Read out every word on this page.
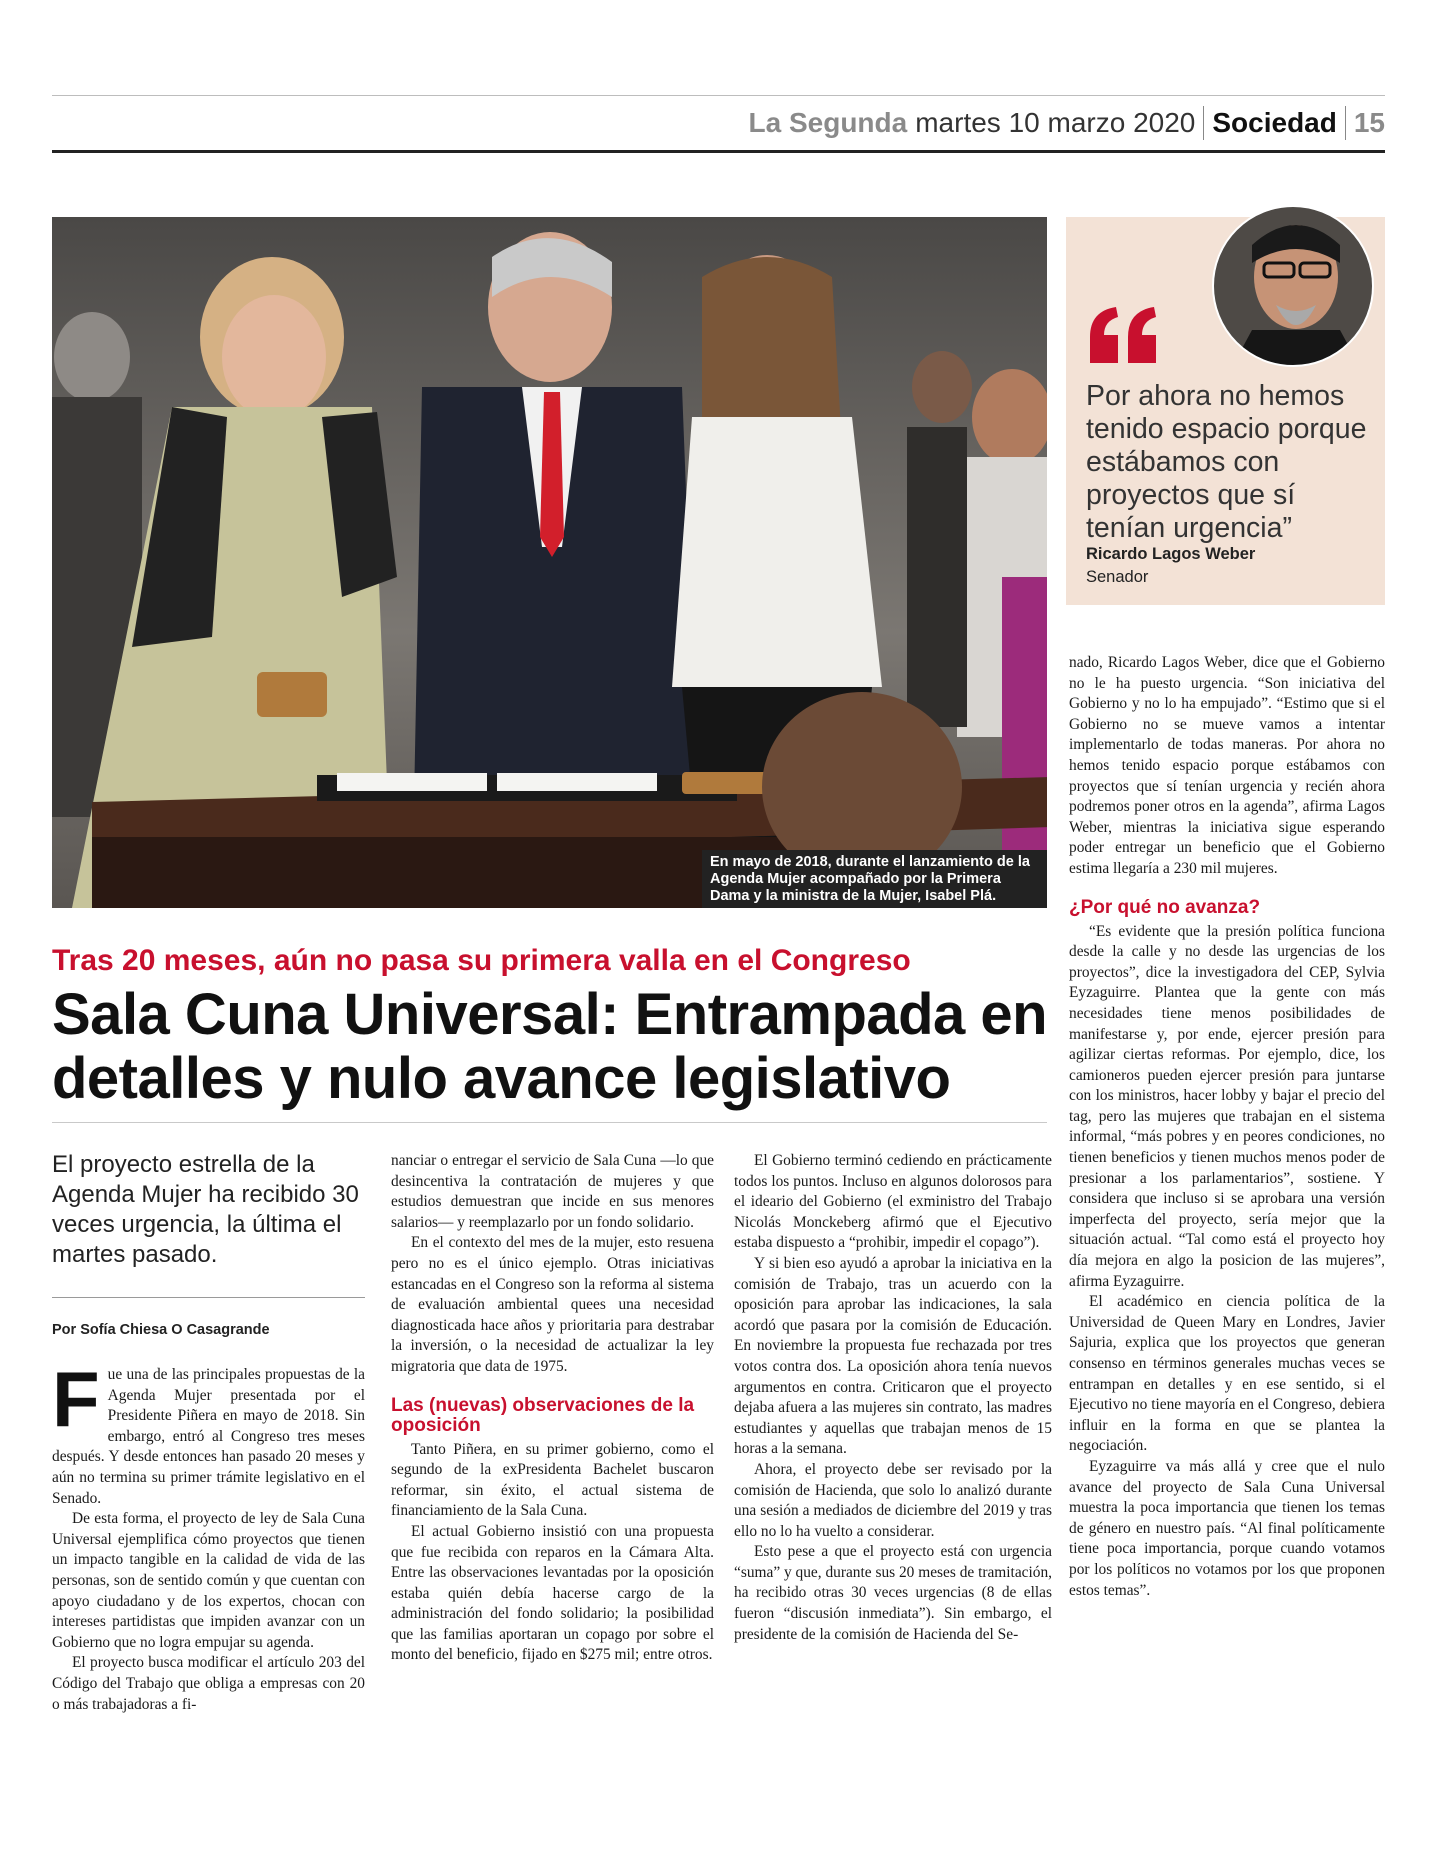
La Segunda martes 10 marzo 2020 Sociedad 15
En mayo de 2018, durante el lanzamiento de la Agenda Mujer acompañado por la Primera Dama y la ministra de la Mujer, Isabel Plá.
Por ahora no hemos tenido espacio porque estábamos con proyectos que sí tenían urgencia”
Ricardo Lagos Weber
Senador
Tras 20 meses, aún no pasa su primera valla en el Congreso
Sala Cuna Universal: Entrampada en detalles y nulo avance legislativo
El proyecto estrella de la Agenda Mujer ha recibido 30 veces urgencia, la última el martes pasado.
Por Sofía Chiesa O Casagrande
F ue una de las principales propuestas de la Agenda Mujer presentada por el Presidente Piñera en mayo de 2018. Sin embargo, entró al Congreso tres meses después. Y desde entonces han pasado 20 meses y aún no termina su primer trámite legislativo en el Senado.

De esta forma, el proyecto de ley de Sala Cuna Universal ejemplifica cómo proyectos que tienen un impacto tangible en la calidad de vida de las personas, son de sentido común y que cuentan con apoyo ciudadano y de los expertos, chocan con intereses partidistas que impiden avanzar con un Gobierno que no logra empujar su agenda.

El proyecto busca modificar el artículo 203 del Código del Trabajo que obliga a empresas con 20 o más trabajadoras a fi-

nanciar o entregar el servicio de Sala Cuna —lo que desincentiva la contratación de mujeres y que estudios demuestran que incide en sus menores salarios— y reemplazarlo por un fondo solidario.

En el contexto del mes de la mujer, esto resuena pero no es el único ejemplo. Otras iniciativas estancadas en el Congreso son la reforma al sistema de evaluación ambiental quees una necesidad diagnosticada hace años y prioritaria para destrabar la inversión, o la necesidad de actualizar la ley migratoria que data de 1975.

Las (nuevas) observaciones de la oposición

Tanto Piñera, en su primer gobierno, como el segundo de la exPresidenta Bachelet buscaron reformar, sin éxito, el actual sistema de financiamiento de la Sala Cuna.

El actual Gobierno insistió con una propuesta que fue recibida con reparos en la Cámara Alta. Entre las observaciones levantadas por la oposición estaba quién debía hacerse cargo de la administración del fondo solidario; la posibilidad que las familias aportaran un copago por sobre el monto del beneficio, fijado en $275 mil; entre otros.

El Gobierno terminó cediendo en prácticamente todos los puntos. Incluso en algunos dolorosos para el ideario del Gobierno (el exministro del Trabajo Nicolás Monckeberg afirmó que el Ejecutivo estaba dispuesto a “prohibir, impedir el copago”).

Y si bien eso ayudó a aprobar la iniciativa en la comisión de Trabajo, tras un acuerdo con la oposición para aprobar las indicaciones, la sala acordó que pasara por la comisión de Educación. En noviembre la propuesta fue rechazada por tres votos contra dos. La oposición ahora tenía nuevos argumentos en contra. Criticaron que el proyecto dejaba afuera a las mujeres sin contrato, las madres estudiantes y aquellas que trabajan menos de 15 horas a la semana.

Ahora, el proyecto debe ser revisado por la comisión de Hacienda, que solo lo analizó durante una sesión a mediados de diciembre del 2019 y tras ello no lo ha vuelto a considerar.

Esto pese a que el proyecto está con urgencia “suma” y que, durante sus 20 meses de tramitación, ha recibido otras 30 veces urgencias (8 de ellas fueron “discusión inmediata”). Sin embargo, el presidente de la comisión de Hacienda del Se-

nado, Ricardo Lagos Weber, dice que el Gobierno no le ha puesto urgencia. “Son iniciativa del Gobierno y no lo ha empujado”. “Estimo que si el Gobierno no se mueve vamos a intentar implementarlo de todas maneras. Por ahora no hemos tenido espacio porque estábamos con proyectos que sí tenían urgencia y recién ahora podremos poner otros en la agenda”, afirma Lagos Weber, mientras la iniciativa sigue esperando poder entregar un beneficio que el Gobierno estima llegaría a 230 mil mujeres.

¿Por qué no avanza?

“Es evidente que la presión política funciona desde la calle y no desde las urgencias de los proyectos”, dice la investigadora del CEP, Sylvia Eyzaguirre. Plantea que la gente con más necesidades tiene menos posibilidades de manifestarse y, por ende, ejercer presión para agilizar ciertas reformas. Por ejemplo, dice, los camioneros pueden ejercer presión para juntarse con los ministros, hacer lobby y bajar el precio del tag, pero las mujeres que trabajan en el sistema informal, “más pobres y en peores condiciones, no tienen beneficios y tienen muchos menos poder de presionar a los parlamentarios”, sostiene. Y considera que incluso si se aprobara una versión imperfecta del proyecto, sería mejor que la situación actual. “Tal como está el proyecto hoy día mejora en algo la posicion de las mujeres”, afirma Eyzaguirre.

El académico en ciencia política de la Universidad de Queen Mary en Londres, Javier Sajuria, explica que los proyectos que generan consenso en términos generales muchas veces se entrampan en detalles y en ese sentido, si el Ejecutivo no tiene mayoría en el Congreso, debiera influir en la forma en que se plantea la negociación.

Eyzaguirre va más allá y cree que el nulo avance del proyecto de Sala Cuna Universal muestra la poca importancia que tienen los temas de género en nuestro país. “Al final políticamente tiene poca importancia, porque cuando votamos por los políticos no votamos por los que proponen estos temas”.
